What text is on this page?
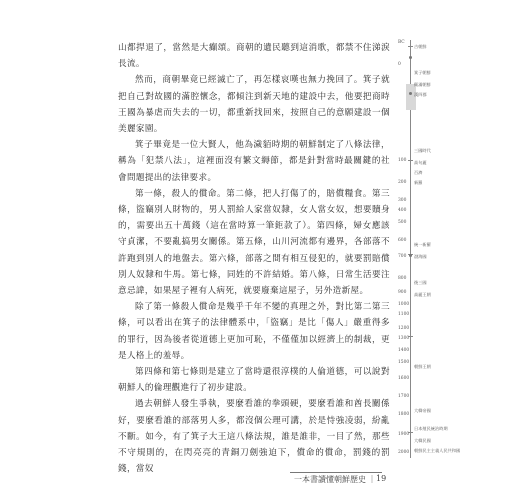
山都捍退了，當然是大癲頌。商朝的遺民聽到這消歌，都禁不住涕淚長流。

然而，商朝畢竟已經滅亡了，再怎樣哀嘆也無力挽回了。箕子就把自己對故國的滿腔懷念，都傾注到新天地的建設中去，他要把商時王國為暴虐而失去的一切，都重新找回來，按照自己的意願建設一個美麗家園。

箕子畢竟是一位大賢人，他為濊貊時期的朝鮮制定了八條法律，稱為「犯禁八法」，這裡面沒有繁文縟節，都是針對當時最關鍵的社會問題提出的法律要求。

第一條，殺人的償命。第二條，把人打傷了的，賠償糧食。第三條，盜竊別人財物的，男人罰給人家當奴隸，女人當女奴，想要贖身的，需要出五十萬錢（這在當時算一筆鉅款了）。第四條，婦女應該守貞潔，不要亂搞男女關係。第五條，山川河流都有邊界，各部落不許跑到別人的地盤去。第六條，部落之間有相互侵犯的，就要罰賠償別人奴隸和牛馬。第七條，同姓的不許結婚。第八條，日常生活要注意忌諱，如果屋子裡有人病死，就要廢棄這屋子，另外造新屋。

除了第一條殺人償命是幾乎千年不變的真理之外，對比第二第三條，可以看出在箕子的法律體系中，「盜竊」是比「傷人」嚴重得多的罪行，因為後者從道德上更加可恥，不僅僅加以經濟上的制裁，更是人格上的羞辱。

第四條和第七條則是建立了當時還很淳樸的人倫道德，可以說對朝鮮人的倫理觀進行了初步建設。

過去朝鮮人發生爭執，要麼看誰的拳頭硬，要麼看誰和酋長關係好，要麼看誰的部落男人多，都沒個公理可講，於是恃強凌弱，紛亂不斷。如今，有了箕子大王這八條法規，誰是誰非，一目了然，那些不守規則的，在閃亮亮的青銅刀劍強迫下，償命的償命，罰錢的罰錢，當奴

BC
0
100
200
300
400
500
600
700
800
900
1000
1100
1200
1300
1400
1500
1600
1700
1800
1900
2000
古朝鮮
箕子朝鮮
衛滿朝鮮
漢四郡
三國時代
高句麗
百濟
新羅
統一新羅
渤海國
後三國
高麗王朝
朝鮮王朝
大韓帝國
日本殖民統治時期
大韓民國
朝鮮民主主義人民共和國
一本書讀懂朝鮮歷史 ｜ 19
